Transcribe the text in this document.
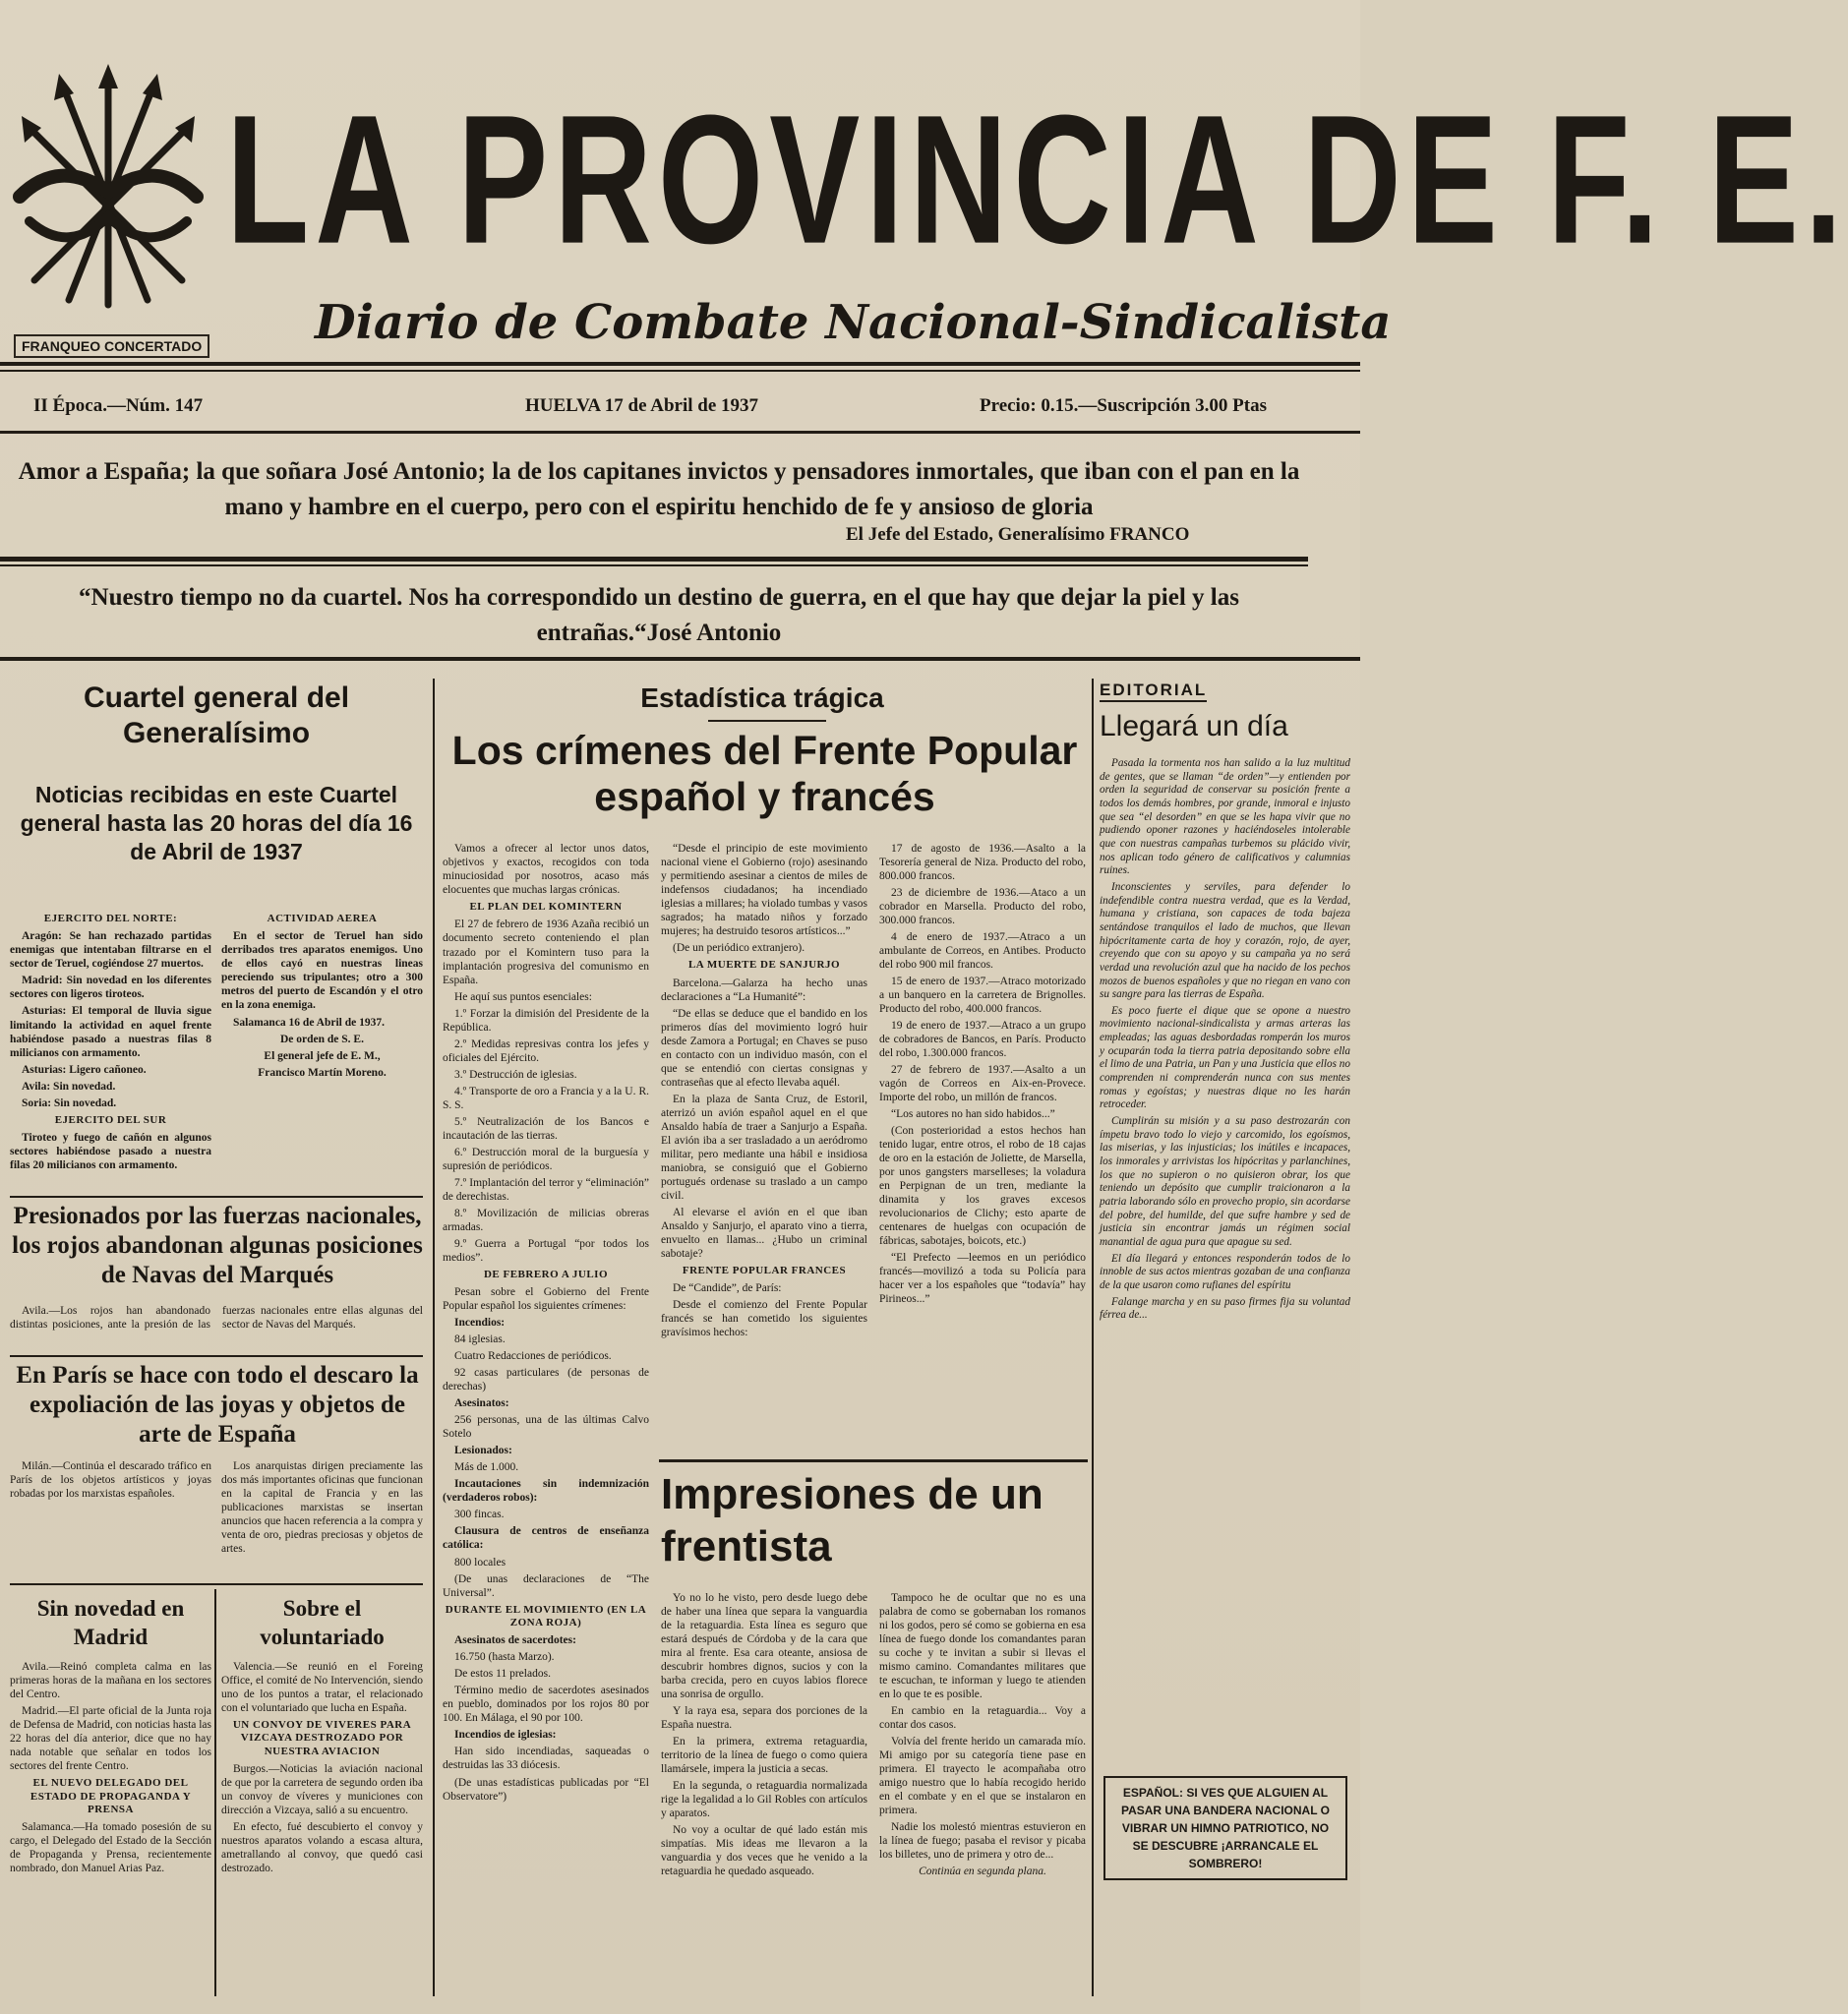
LA PROVINCIA DE F. E.
Diario de Combate Nacional-Sindicalista
FRANQUEO CONCERTADO
II Época.—Núm. 147	HUELVA 17 de Abril de 1937	Precio: 0.15.—Suscripción 3.00 Ptas
Amor a España; la que soñara José Antonio; la de los capitanes invictos y pensadores inmortales, que iban con el pan en la mano y hambre en el cuerpo, pero con el espiritu henchido de fe y ansioso de gloria
El Jefe del Estado, Generalísimo FRANCO
“Nuestro tiempo no da cuartel. Nos ha correspondido un destino de guerra, en el que hay que dejar la piel y las entrañas.“José Antonio
Cuartel general del Generalísimo
Noticias recibidas en este Cuartel general hasta las 20 horas del día 16 de Abril de 1937
EJERCITO DEL NORTE:

Aragón: Se han rechazado partidas enemigas que intentaban filtrarse en el sector de Teruel, cogiéndose 27 muertos.

Madrid: Sin novedad en los diferentes sectores con ligeros tiroteos.

Asturias: El temporal de lluvia sigue limitando la actividad en aquel frente habiéndose pasado a nuestras filas 8 milicianos con armamento.

Asturias: Ligero cañoneo.

Avila: Sin novedad.

Soria: Sin novedad.

EJERCITO DEL SUR

Tiroteo y fuego de cañón en algunos sectores habiéndose pasado a nuestra filas 20 milicianos con armamento.

ACTIVIDAD AEREA

En el sector de Teruel han sido derribados tres aparatos enemigos. Uno de ellos cayó en nuestras lineas pereciendo sus tripulantes; otro a 300 metros del puerto de Escandón y el otro en la zona enemiga.

Salamanca 16 de Abril de 1937.

De orden de S. E.

El general jefe de E. M.,

Francisco Martín Moreno.

Presionados por las fuerzas nacionales, los rojos abandonan algunas posiciones de Navas del Marqués

Avila.—Los rojos han abandonado distintas posiciones, ante la presión de las fuerzas nacionales entre ellas algunas del sector de Navas del Marqués.

En París se hace con todo el descaro la expoliación de las joyas y objetos de arte de España

Milán.—Continúa el descarado tráfico en París de los objetos artísticos y joyas robadas por los marxistas españoles.

Los anarquistas dirigen preciamente las dos más importantes oficinas que funcionan en la capital de Francia y en las publicaciones marxistas se insertan anuncios que hacen referencia a la compra y venta de oro, piedras preciosas y objetos de artes.

Sin novedad en Madrid

Avila.—Reinó completa calma en las primeras horas de la mañana en los sectores del Centro.

Madrid.—El parte oficial de la Junta roja de Defensa de Madrid, con noticias hasta las 22 horas del día anterior, dice que no hay nada notable que señalar en todos los sectores del frente Centro.

EL NUEVO DELEGADO DEL ESTADO DE PROPAGANDA Y PRENSA

Salamanca.—Ha tomado posesión de su cargo, el Delegado del Estado de la Sección de Propaganda y Prensa, recientemente nombrado, don Manuel Arias Paz.

Sobre el voluntariado

Valencia.—Se reunió en el Foreing Office, el comité de No Intervención, siendo uno de los puntos a tratar, el relacionado con el voluntariado que lucha en España.

UN CONVOY DE VIVERES PARA VIZCAYA DESTROZADO POR NUESTRA AVIACION

Burgos.—Noticias la aviación nacional de que por la carretera de segundo orden iba un convoy de víveres y municiones con dirección a Vizcaya, salió a su encuentro.

En efecto, fué descubierto el convoy y nuestros aparatos volando a escasa altura, ametrallando al convoy, que quedó casi destrozado.

Estadística trágica
Los crímenes del Frente Popular español y francés

Vamos a ofrecer al lector unos datos, objetivos y exactos, recogidos con toda minuciosidad por nosotros, acaso más elocuentes que muchas largas crónicas.

EL PLAN DEL KOMINTERN

El 27 de febrero de 1936 Azaña recibió un documento secreto conteniendo el plan trazado por el Komintern tuso para la implantación progresiva del comunismo en España.

He aquí sus puntos esenciales:

1.º Forzar la dimisión del Presidente de la República.

2.º Medidas represivas contra los jefes y oficiales del Ejército.

3.º Destrucción de iglesias.

4.º Transporte de oro a Francia y a la U. R. S. S.

5.º Neutralización de los Bancos e incautación de las tierras.

6.º Destrucción moral de la burguesía y supresión de periódicos.

7.º Implantación del terror y “eliminación” de derechistas.

8.º Movilización de milicias obreras armadas.

9.º Guerra a Portugal “por todos los medios”.

DE FEBRERO A JULIO

Pesan sobre el Gobierno del Frente Popular español los siguientes crímenes:

Incendios:

84 iglesias.

Cuatro Redacciones de periódicos.

92 casas particulares (de personas de derechas)

Asesinatos:

256 personas, una de las últimas Calvo Sotelo

Lesionados:

Más de 1.000.

Incautaciones sin indemnización (verdaderos robos):

300 fincas.

Clausura de centros de enseñanza católica:

800 locales

(De unas declaraciones de “The Universal”.

DURANTE EL MOVIMIENTO (EN LA ZONA ROJA)

Asesinatos de sacerdotes:

16.750 (hasta Marzo).

De estos 11 prelados.

Término medio de sacerdotes asesinados en pueblo, dominados por los rojos 80 por 100. En Málaga, el 90 por 100.

Incendios de iglesias:

Han sido incendiadas, saqueadas o destruidas las 33 diócesis.

(De unas estadísticas publicadas por “El Observatore”)

“Desde el principio de este movimiento nacional viene el Gobierno (rojo) asesinando y permitiendo asesinar a cientos de miles de indefensos ciudadanos; ha incendiado iglesias a millares; ha violado tumbas y vasos sagrados; ha matado niños y forzado mujeres; ha destruido tesoros artísticos...”

(De un periódico extranjero).

LA MUERTE DE SANJURJO

Barcelona.—Galarza ha hecho unas declaraciones a “La Humanité”:

“De ellas se deduce que el bandido en los primeros días del movimiento logró huir desde Zamora a Portugal; en Chaves se puso en contacto con un individuo masón, con el que se entendió con ciertas consignas y contraseñas que al efecto llevaba aquél.

En la plaza de Santa Cruz, de Estoril, aterrizó un avión español aquel en el que Ansaldo había de traer a Sanjurjo a España. El avión iba a ser trasladado a un aeródromo militar, pero mediante una hábil e insidiosa maniobra, se consiguió que el Gobierno portugués ordenase su traslado a un campo civil.

Al elevarse el avión en el que iban Ansaldo y Sanjurjo, el aparato vino a tierra, envuelto en llamas... ¿Hubo un criminal sabotaje?

FRENTE POPULAR FRANCES

De “Candide”, de París:

Desde el comienzo del Frente Popular francés se han cometido los siguientes gravísimos hechos:

17 de agosto de 1936.—Asalto a la Tesorería general de Niza. Producto del robo, 800.000 francos.

23 de diciembre de 1936.—Ataco a un cobrador en Marsella. Producto del robo, 300.000 francos.

4 de enero de 1937.—Atraco a un ambulante de Correos, en Antibes. Producto del robo 900 mil francos.

15 de enero de 1937.—Atraco motorizado a un banquero en la carretera de Brignolles. Producto del robo, 400.000 francos.

19 de enero de 1937.—Atraco a un grupo de cobradores de Bancos, en París. Producto del robo, 1.300.000 francos.

27 de febrero de 1937.—Asalto a un vagón de Correos en Aix-en-Provece. Importe del robo, un millón de francos.

“Los autores no han sido habidos...”

(Con posterioridad a estos hechos han tenido lugar, entre otros, el robo de 18 cajas de oro en la estación de Joliette, de Marsella, por unos gangsters marselleses; la voladura en Perpignan de un tren, mediante la dinamita y los graves excesos revolucionarios de Clichy; esto aparte de centenares de huelgas con ocupación de fábricas, sabotajes, boicots, etc.)

“El Prefecto —leemos en un periódico francés—movilizó a toda su Policía para hacer ver a los españoles que “todavía” hay Pirineos...”

Impresiones de un frentista

Yo no lo he visto, pero desde luego debe de haber una línea que separa la vanguardia de la retaguardia. Esta línea es seguro que estará después de Córdoba y de la cara que mira al frente. Esa cara oteante, ansiosa de descubrir hombres dignos, sucios y con la barba crecida, pero en cuyos labios florece una sonrisa de orgullo.

Y la raya esa, separa dos porciones de la España nuestra.

En la primera, extrema retaguardia, territorio de la línea de fuego o como quiera llamársele, impera la justicia a secas.

En la segunda, o retaguardia normalizada rige la legalidad a lo Gil Robles con artículos y aparatos.

No voy a ocultar de qué lado están mis simpatías. Mis ideas me llevaron a la vanguardia y dos veces que he venido a la retaguardia he quedado asqueado.

Tampoco he de ocultar que no es una palabra de como se gobernaban los romanos ni los godos, pero sé como se gobierna en esa línea de fuego donde los comandantes paran su coche y te invitan a subir si llevas el mismo camino. Comandantes militares que te escuchan, te informan y luego te atienden en lo que te es posible.

En cambio en la retaguardia... Voy a contar dos casos.

Volvía del frente herido un camarada mío. Mi amigo por su categoría tiene pase en primera. El trayecto le acompañaba otro amigo nuestro que lo había recogido herido en el combate y en el que se instalaron en primera.

Nadie los molestó mientras estuvieron en la línea de fuego; pasaba el revisor y picaba los billetes, uno de primera y otro de...

Continúa en segunda plana.

EDITORIAL
Llegará un día

Pasada la tormenta nos han salido a la luz multitud de gentes, que se llaman “de orden”—y entienden por orden la seguridad de conservar su posición frente a todos los demás hombres, por grande, inmoral e injusto que sea “el desorden” en que se les hapa vivir que no pudiendo oponer razones y haciéndoseles intolerable que con nuestras campañas turbemos su plácido vivir, nos aplican todo género de calificativos y calumnias ruines.

Inconscientes y serviles, para defender lo indefendible contra nuestra verdad, que es la Verdad, humana y cristiana, son capaces de toda bajeza sentándose tranquilos el lado de muchos, que llevan hipócritamente carta de hoy y corazón, rojo, de ayer, creyendo que con su apoyo y su campaña ya no será verdad una revolución azul que ha nacido de los pechos mozos de buenos españoles y que no riegan en vano con su sangre para las tierras de España.

Es poco fuerte el dique que se opone a nuestro movimiento nacional-sindicalista y armas arteras las empleadas; las aguas desbordadas romperán los muros y ocuparán toda la tierra patria depositando sobre ella el limo de una Patria, un Pan y una Justicia que ellos no comprenden ni comprenderán nunca con sus mentes romas y egoístas; y nuestras dique no les harán retroceder.

Cumplirán su misión y a su paso destrozarán con ímpetu bravo todo lo viejo y carcomido, los egoísmos, las miserias, y las injusticias; los inútiles e incapaces, los inmorales y arrivistas los hipócritas y parlanchines, los que no supieron o no quisieron obrar, los que teniendo un depósito que cumplir traicionaron a la patria laborando sólo en provecho propio, sin acordarse del pobre, del humilde, del que sufre hambre y sed de justicia sin encontrar jamás un régimen social manantial de agua pura que apague su sed.

El día llegará y entonces responderán todos de lo innoble de sus actos mientras gozaban de una confianza de la que usaron como rufianes del espíritu

Falange marcha y en su paso firmes fija su voluntad férrea de...

ESPAÑOL: SI VES QUE ALGUIEN AL PASAR UNA BANDERA NACIONAL O VIBRAR UN HIMNO PATRIOTICO, NO SE DESCUBRE ¡ARRANCALE EL SOMBRERO!
